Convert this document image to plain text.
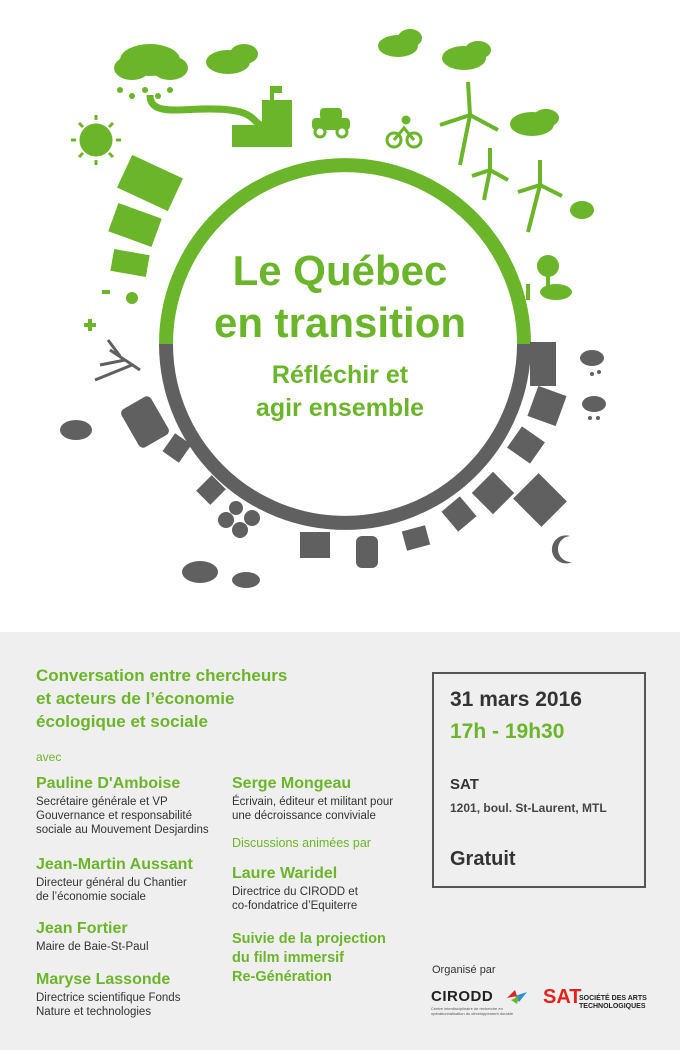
Le Québec
en transition
Réfléchir et
agir ensemble
Conversation entre chercheurs
et acteurs de l’économie
écologique et sociale
avec
Pauline D'Amboise
Secrétaire générale et VP
Gouvernance et responsabilité
sociale au Mouvement Desjardins
Jean-Martin Aussant
Directeur général du Chantier
de l’économie sociale
Jean Fortier
Maire de Baie-St-Paul
Maryse Lassonde
Directrice scientifique Fonds
Nature et technologies
Serge Mongeau
Écrivain, éditeur et militant pour
une décroissance conviviale
Discussions animées par
Laure Waridel
Directrice du CIRODD et
co-fondatrice d’Equiterre
Suivie de la projection
du film immersif
Re-Génération
31 mars 2016
17h - 19h30
SAT
1201, boul. St-Laurent, MTL
Gratuit
Organisé par
CIRODD
Centre interdisciplinaire de recherche en opérationnalisation du développement durable
SAT
SOCIÉTÉ DES ARTS TECHNOLOGIQUES
